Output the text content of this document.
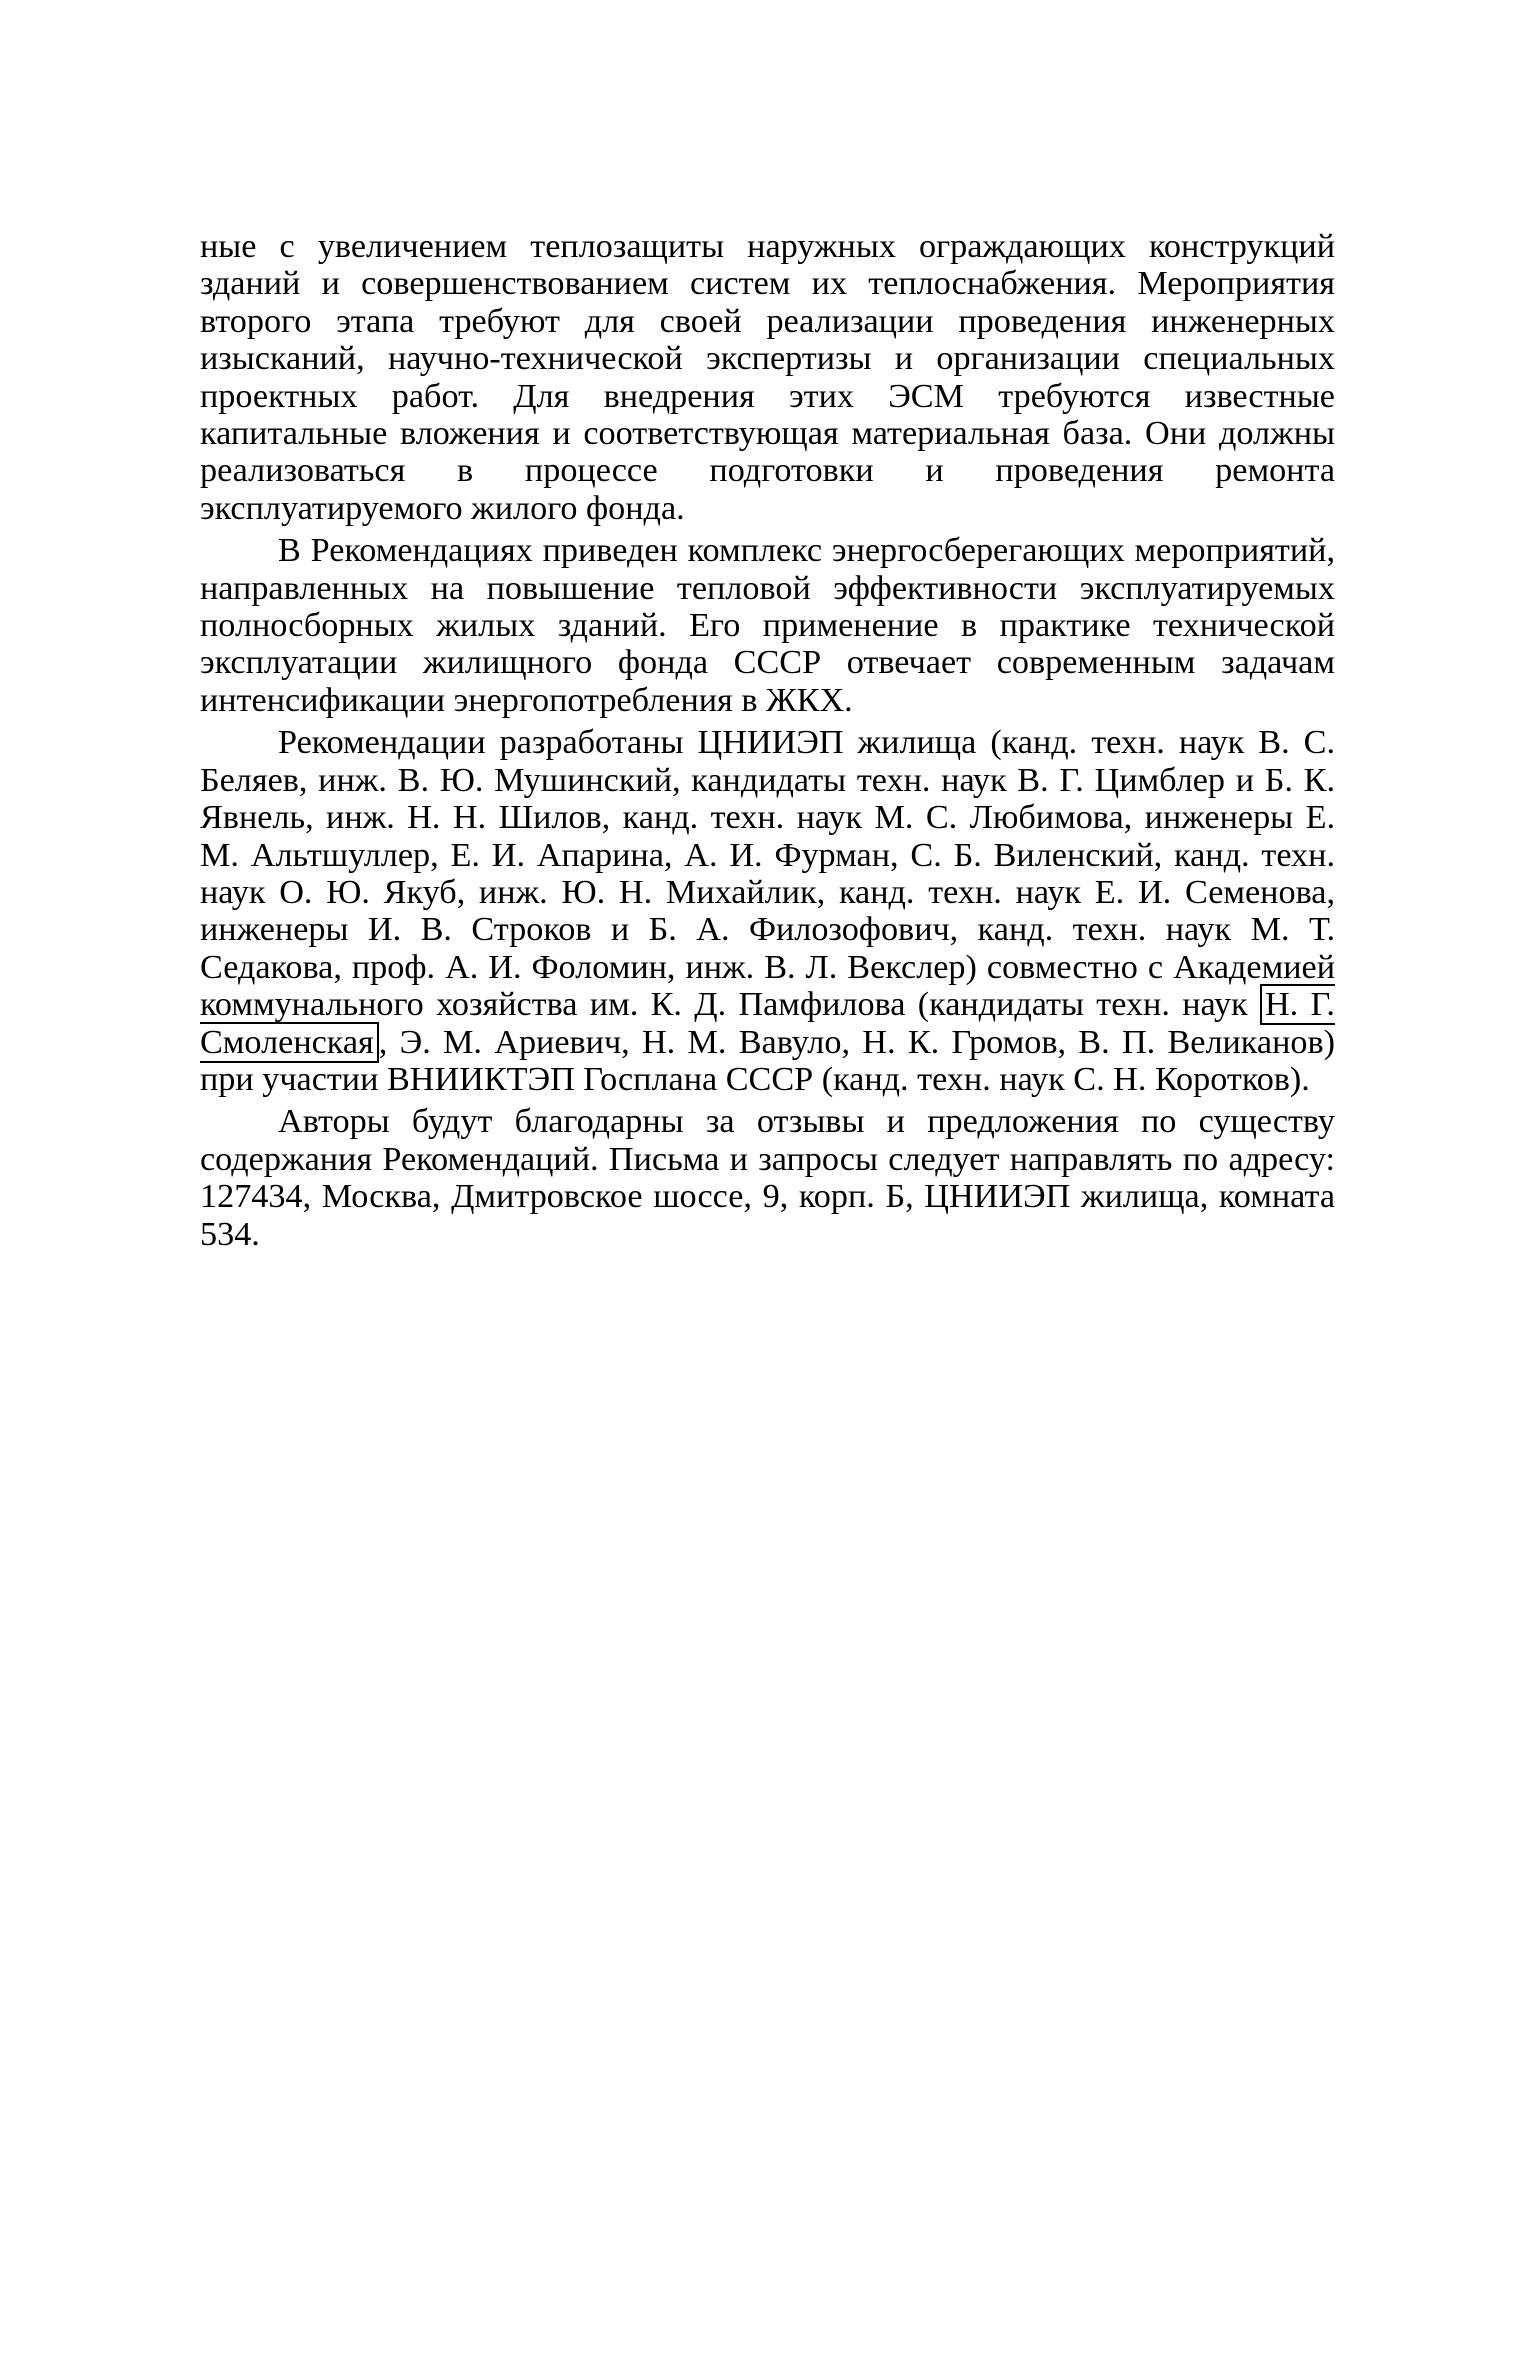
ные с увеличением теплозащиты наружных ограждающих конструкций зданий и совершенствованием систем их теплоснабжения. Мероприятия второго этапа требуют для своей реализации проведения инженерных изысканий, научно-технической экспертизы и организации специальных проектных работ. Для внедрения этих ЭСМ требуются известные капитальные вложения и соответствующая материальная база. Они должны реализоваться в процессе подготовки и проведения ремонта эксплуатируемого жилого фонда.

В Рекомендациях приведен комплекс энергосберегающих мероприятий, направленных на повышение тепловой эффективности эксплуатируемых полносборных жилых зданий. Его применение в практике технической эксплуатации жилищного фонда СССР отвечает современным задачам интенсификации энергопотребления в ЖКХ.

Рекомендации разработаны ЦНИИЭП жилища (канд. техн. наук В. С. Беляев, инж. В. Ю. Мушинский, кандидаты техн. наук В. Г. Цимблер и Б. К. Явнель, инж. Н. Н. Шилов, канд. техн. наук М. С. Любимова, инженеры Е. М. Альтшуллер, Е. И. Апарина, А. И. Фурман, С. Б. Виленский, канд. техн. наук О. Ю. Якуб, инж. Ю. Н. Михайлик, канд. техн. наук Е. И. Семенова, инженеры И. В. Строков и Б. А. Филозофович, канд. техн. наук М. Т. Седакова, проф. А. И. Фоломин, инж. В. Л. Векслер) совместно с Академией коммунального хозяйства им. К. Д. Памфилова (кандидаты техн. наук Н. Г. Смоленская , Э. М. Ариевич, Н. М. Вавуло, Н. К. Громов, В. П. Великанов) при участии ВНИИКТЭП Госплана СССР (канд. техн. наук С. Н. Коротков).

Авторы будут благодарны за отзывы и предложения по существу содержания Рекомендаций. Письма и запросы следует направлять по адресу: 127434, Москва, Дмитровское шоссе, 9, корп. Б, ЦНИИЭП жилища, комната 534.
